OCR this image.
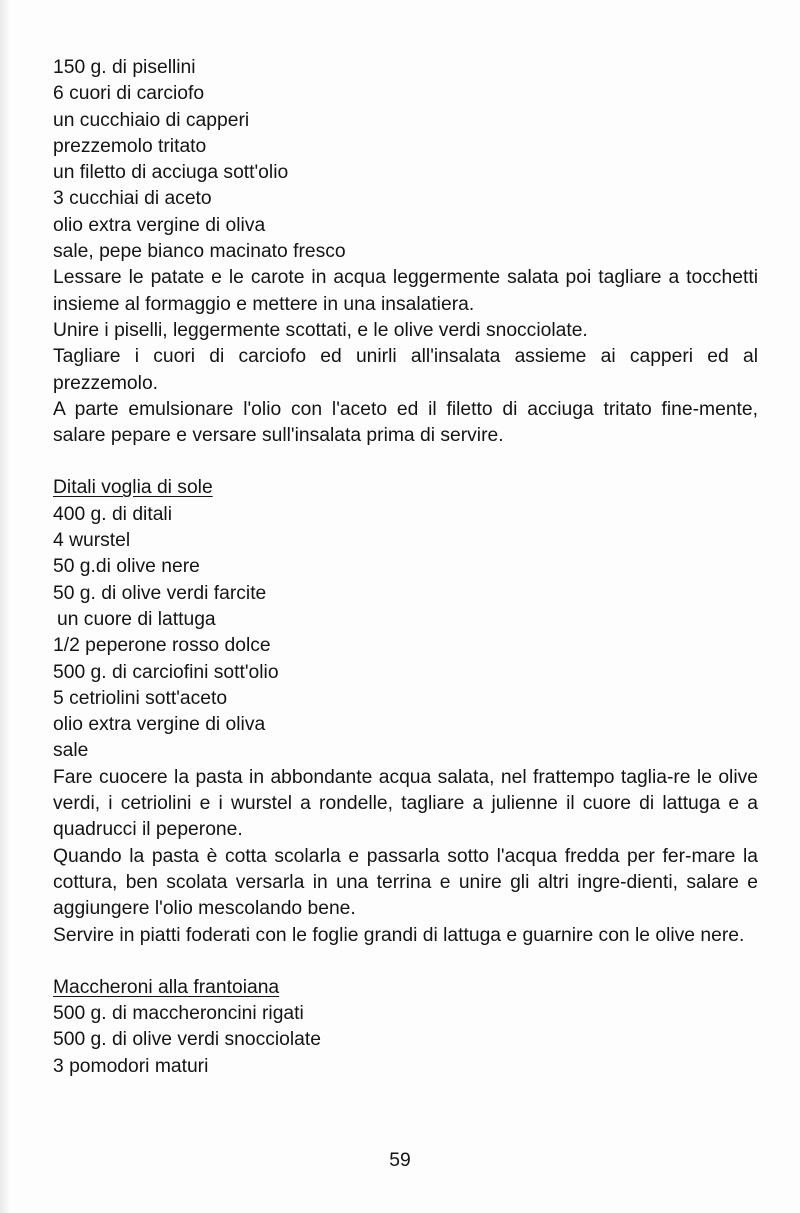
150 g. di pisellini
6 cuori di carciofo
un cucchiaio di capperi
prezzemolo tritato
un filetto di acciuga sott'olio
3 cucchiai di aceto
olio extra vergine di oliva
sale, pepe bianco macinato fresco
Lessare le patate e le carote in acqua leggermente salata poi tagliare a tocchetti insieme al formaggio e mettere in una insalatiera.
Unire i piselli, leggermente scottati, e le olive verdi snocciolate.
Tagliare i cuori di carciofo ed unirli all'insalata assieme ai capperi ed al prezzemolo.
A parte emulsionare l'olio con l'aceto ed il filetto di acciuga tritato fine-mente, salare pepare e versare sull'insalata prima di servire.
Ditali voglia di sole
400 g. di ditali
4 wurstel
50 g.di olive nere
50 g. di olive verdi farcite
un cuore di lattuga
1/2 peperone rosso dolce
500 g. di carciofini sott'olio
5 cetriolini sott'aceto
olio extra vergine di oliva
sale
Fare cuocere la pasta in abbondante acqua salata, nel frattempo taglia-re le olive verdi, i cetriolini e i wurstel a rondelle, tagliare a julienne il cuore di lattuga e a quadrucci il peperone.
Quando la pasta è cotta scolarla e passarla sotto l'acqua fredda per fer-mare la cottura, ben scolata versarla in una terrina e unire gli altri ingre-dienti, salare e aggiungere l'olio mescolando bene.
Servire in piatti foderati con le foglie grandi di lattuga e guarnire con le olive nere.
Maccheroni alla frantoiana
500 g. di maccheroncini rigati
500 g. di olive verdi snocciolate
3 pomodori maturi
59
